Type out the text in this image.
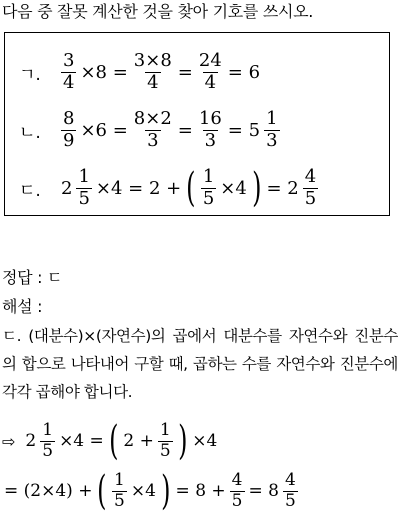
다음 중 잘못 계산한 것을 찾아 기호를 쓰시오.
ㄱ.	$\frac{3}{4} \times 8 = \frac{3\times 8}{4} = \frac{24}{4} = 6$
ㄴ.	$\frac{8}{9} \times 6 = \frac{8\times 2}{3} = \frac{16}{3} = 5 \frac{1}{3}$
ㄷ.	$2 \frac{1}{5} \times 4 = 2$ + ( $\frac{1}{5} \times 4$ ) = $2 \frac{4}{5}$
정답 : ㄷ
해설 :
ㄷ. (대분수)×(자연수)의 곱에서 대분수를 자연수와 진분수의 합으로 나타내어 구할 때, 곱하는 수를 자연수와 진분수에 각각 곱해야 합니다.
⇨ $2 \frac{1}{5} \times 4$ = ( $2 + \frac{1}{5}$ ) ×4
= (2×4) + ( $\frac{1}{5} \times 4$ ) = $8 + \frac{4}{5} = 8 \frac{4}{5}$
